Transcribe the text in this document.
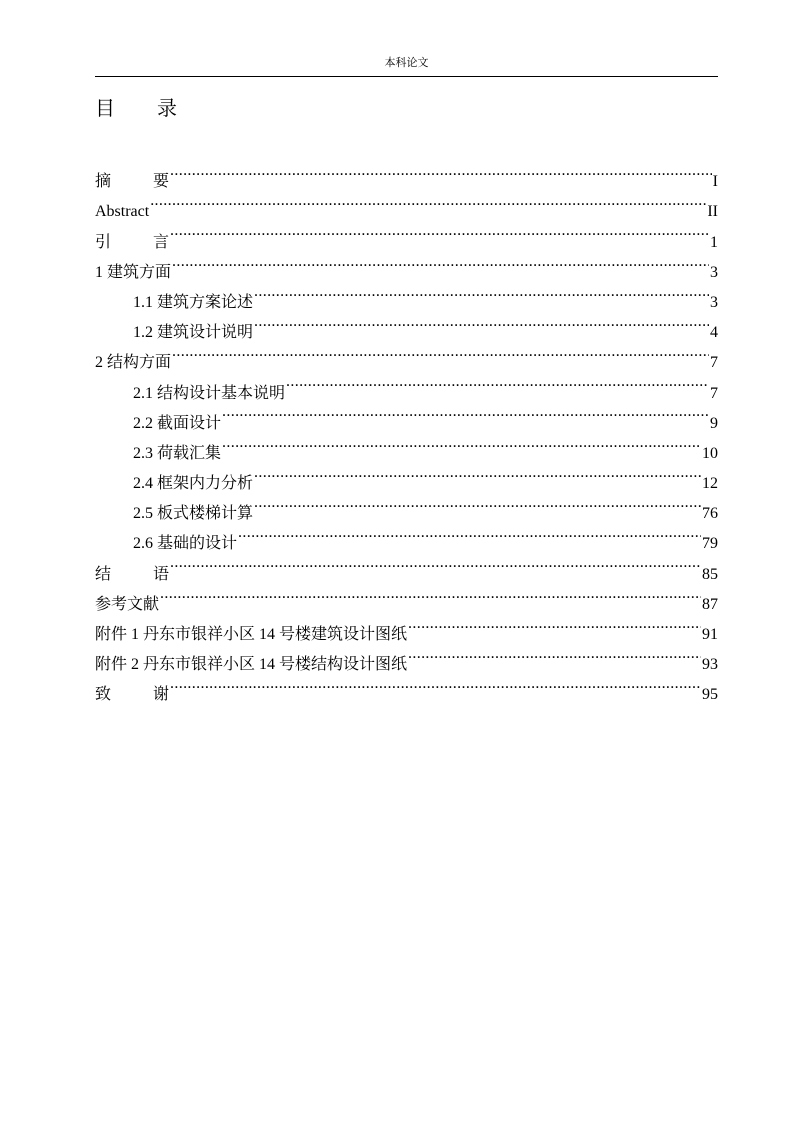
本科论文
目 录
摘	要 .....	I
Abstract .....	II
引	言 .....	1
1 建筑方面 .....	3
1.1 建筑方案论述 .....	3
1.2 建筑设计说明 .....	4
2 结构方面 .....	7
2.1 结构设计基本说明 .....	7
2.2 截面设计 .....	9
2.3 荷载汇集 .....	10
2.4 框架内力分析 .....	12
2.5 板式楼梯计算 .....	76
2.6 基础的设计 .....	79
结	语 .....	85
参考文献 .....	87
附件 1 丹东市银祥小区 14 号楼建筑设计图纸 .....	91
附件 2 丹东市银祥小区 14 号楼结构设计图纸 .....	93
致	谢 .....	95
